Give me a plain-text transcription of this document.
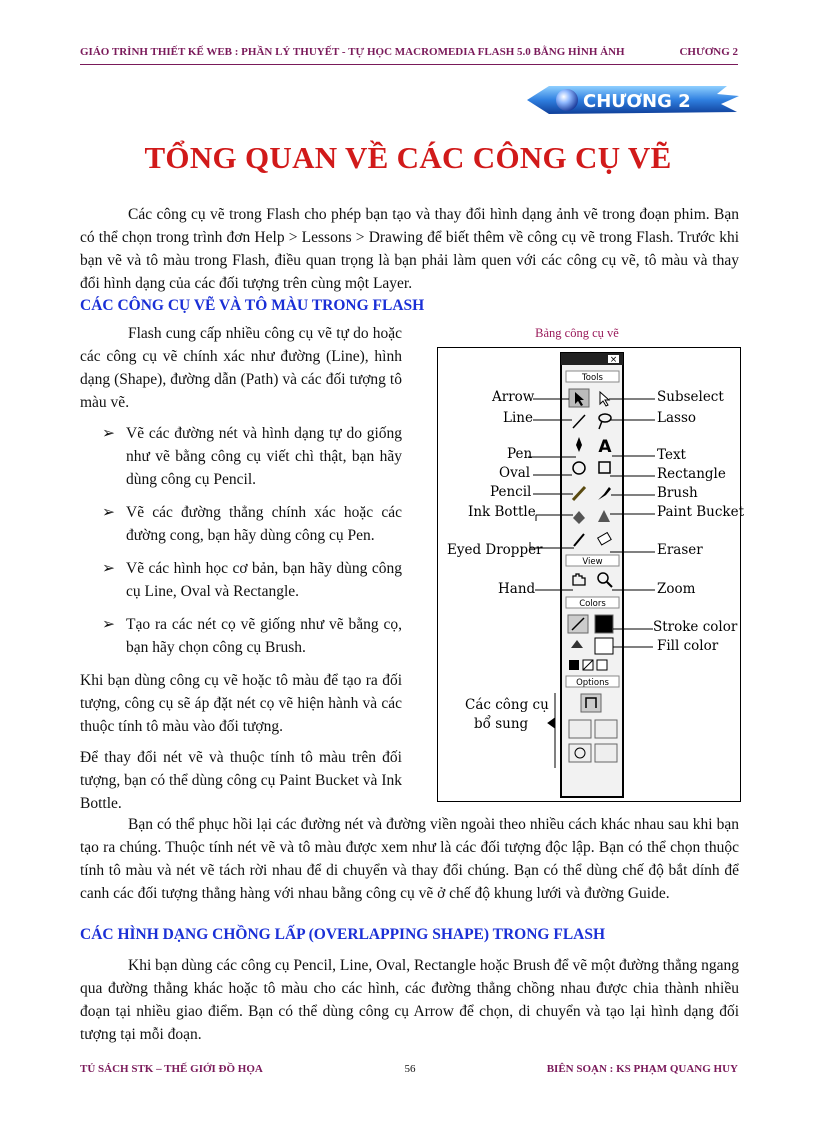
GIÁO TRÌNH THIẾT KẾ WEB : PHẦN LÝ THUYẾT - TỰ HỌC MACROMEDIA FLASH 5.0 BẰNG HÌNH ẢNH	CHƯƠNG 2
CHƯƠNG 2
TỔNG QUAN VỀ CÁC CÔNG CỤ VẼ
Các công cụ vẽ trong Flash cho phép bạn tạo và thay đổi hình dạng ảnh vẽ trong đoạn phim. Bạn có thể chọn trong trình đơn Help > Lessons > Drawing để biết thêm về công cụ vẽ trong Flash. Trước khi bạn vẽ và tô màu trong Flash, điều quan trọng là bạn phải làm quen với các công cụ vẽ, tô màu và thay đổi hình dạng của các đối tượng trên cùng một Layer.
CÁC CÔNG CỤ VẼ VÀ TÔ MÀU TRONG FLASH

Flash cung cấp nhiều công cụ vẽ tự do hoặc các công cụ vẽ chính xác như đường (Line), hình dạng (Shape), đường dẫn (Path) và các đối tượng tô màu vẽ.

➢ Vẽ các đường nét và hình dạng tự do giống như vẽ bằng công cụ viết chì thật, bạn hãy dùng công cụ Pencil.
➢ Vẽ các đường thẳng chính xác hoặc các đường cong, bạn hãy dùng công cụ Pen.
➢ Vẽ các hình học cơ bản, bạn hãy dùng công cụ Line, Oval và Rectangle.
➢ Tạo ra các nét cọ vẽ giống như vẽ bằng cọ, bạn hãy chọn công cụ Brush.

Khi bạn dùng công cụ vẽ hoặc tô màu để tạo ra đối tượng, công cụ sẽ áp đặt nét cọ vẽ hiện hành và các thuộc tính tô màu vào đối tượng.

Để thay đổi nét vẽ và thuộc tính tô màu trên đối tượng, bạn có thể dùng công cụ Paint Bucket và Ink Bottle.

Bảng công cụ vẽ
×
Tools
View
Colors
Options
A
Arrow
Line
Pen
Oval
Pencil
Ink Bottle
Eyed Dropper
Hand
Các công cụ
bổ sung
Subselect
Lasso
Text
Rectangle
Brush
Paint Bucket
Eraser
Zoom
Stroke color
Fill color
Bạn có thể phục hồi lại các đường nét và đường viền ngoài theo nhiều cách khác nhau sau khi bạn tạo ra chúng. Thuộc tính nét vẽ và tô màu được xem như là các đối tượng độc lập. Bạn có thể chọn thuộc tính tô màu và nét vẽ tách rời nhau để di chuyển và thay đổi chúng. Bạn có thể dùng chế độ bắt dính để canh các đối tượng thẳng hàng với nhau bằng công cụ vẽ ở chế độ khung lưới và đường Guide.
CÁC HÌNH DẠNG CHỒNG LẤP (OVERLAPPING SHAPE) TRONG FLASH
Khi bạn dùng các công cụ Pencil, Line, Oval, Rectangle hoặc Brush để vẽ một đường thẳng ngang qua đường thẳng khác hoặc tô màu cho các hình, các đường thẳng chồng nhau được chia thành nhiều đoạn tại nhiều giao điểm. Bạn có thể dùng công cụ Arrow để chọn, di chuyển và tạo lại hình dạng đối tượng tại mỗi đoạn.
TỦ SÁCH STK – THẾ GIỚI ĐỒ HỌA	56	BIÊN SOẠN : KS PHẠM QUANG HUY
